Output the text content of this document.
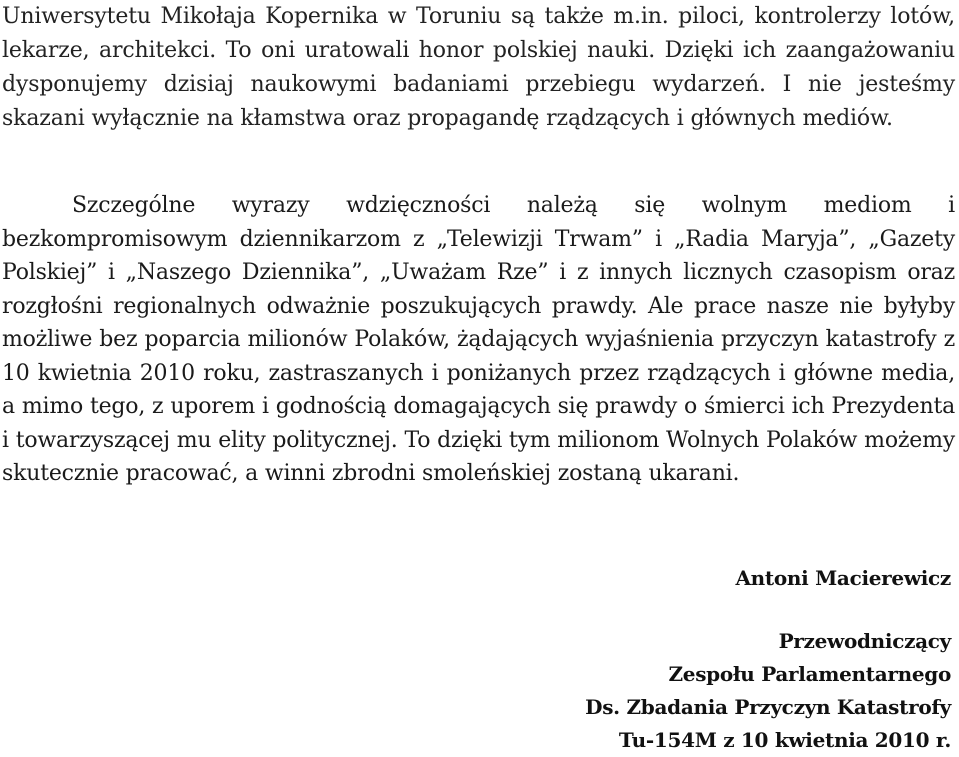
Uniwersytetu Mikołaja Kopernika w Toruniu są także m.in. piloci, kontrolerzy lotów, lekarze, architekci. To oni uratowali honor polskiej nauki. Dzięki ich zaangażowaniu dysponujemy dzisiaj naukowymi badaniami przebiegu wydarzeń. I nie jesteśmy skazani wyłącznie na kłamstwa oraz propagandę rządzących i głównych mediów.

Szczególne wyrazy wdzięczności należą się wolnym mediom i bezkompromisowym dziennikarzom z „Telewizji Trwam” i „Radia Maryja”, „Gazety Polskiej” i „Naszego Dziennika”, „Uważam Rze” i z innych licznych czasopism oraz rozgłośni regionalnych odważnie poszukujących prawdy. Ale prace nasze nie byłyby możliwe bez poparcia milionów Polaków, żądających wyjaśnienia przyczyn katastrofy z 10 kwietnia 2010 roku, zastraszanych i poniżanych przez rządzących i główne media, a mimo tego, z uporem i godnością domagających się prawdy o śmierci ich Prezydenta i towarzyszącej mu elity politycznej. To dzięki tym milionom Wolnych Polaków możemy skutecznie pracować, a winni zbrodni smoleńskiej zostaną ukarani.

Antoni Macierewicz
Przewodniczący
Zespołu Parlamentarnego
Ds. Zbadania Przyczyn Katastrofy
Tu-154M z 10 kwietnia 2010 r.
